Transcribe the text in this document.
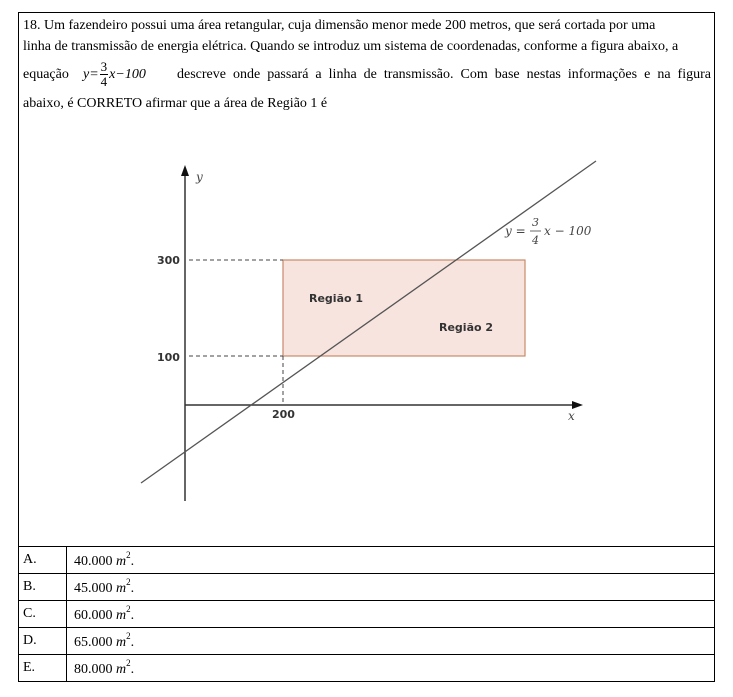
18. Um fazendeiro possui uma área retangular, cuja dimensão menor mede 200 metros, que será cortada por uma
linha de transmissão de energia elétrica. Quando se introduz um sistema de coordenadas, conforme a figura abaixo, a
equação $y= \frac{3}{4} x-100$ descreve onde passará a linha de transmissão. Com base nestas informações e na figura
abaixo, é CORRETO afirmar que a área de Região 1 é
y
x
300
100
200
Região 1
Região 2
y =
3
4
x − 100
A.	40.000 $m^2$.
B.	45.000 $m^2$.
C.	60.000 $m^2$.
D.	65.000 $m^2$.
E.	80.000 $m^2$.
